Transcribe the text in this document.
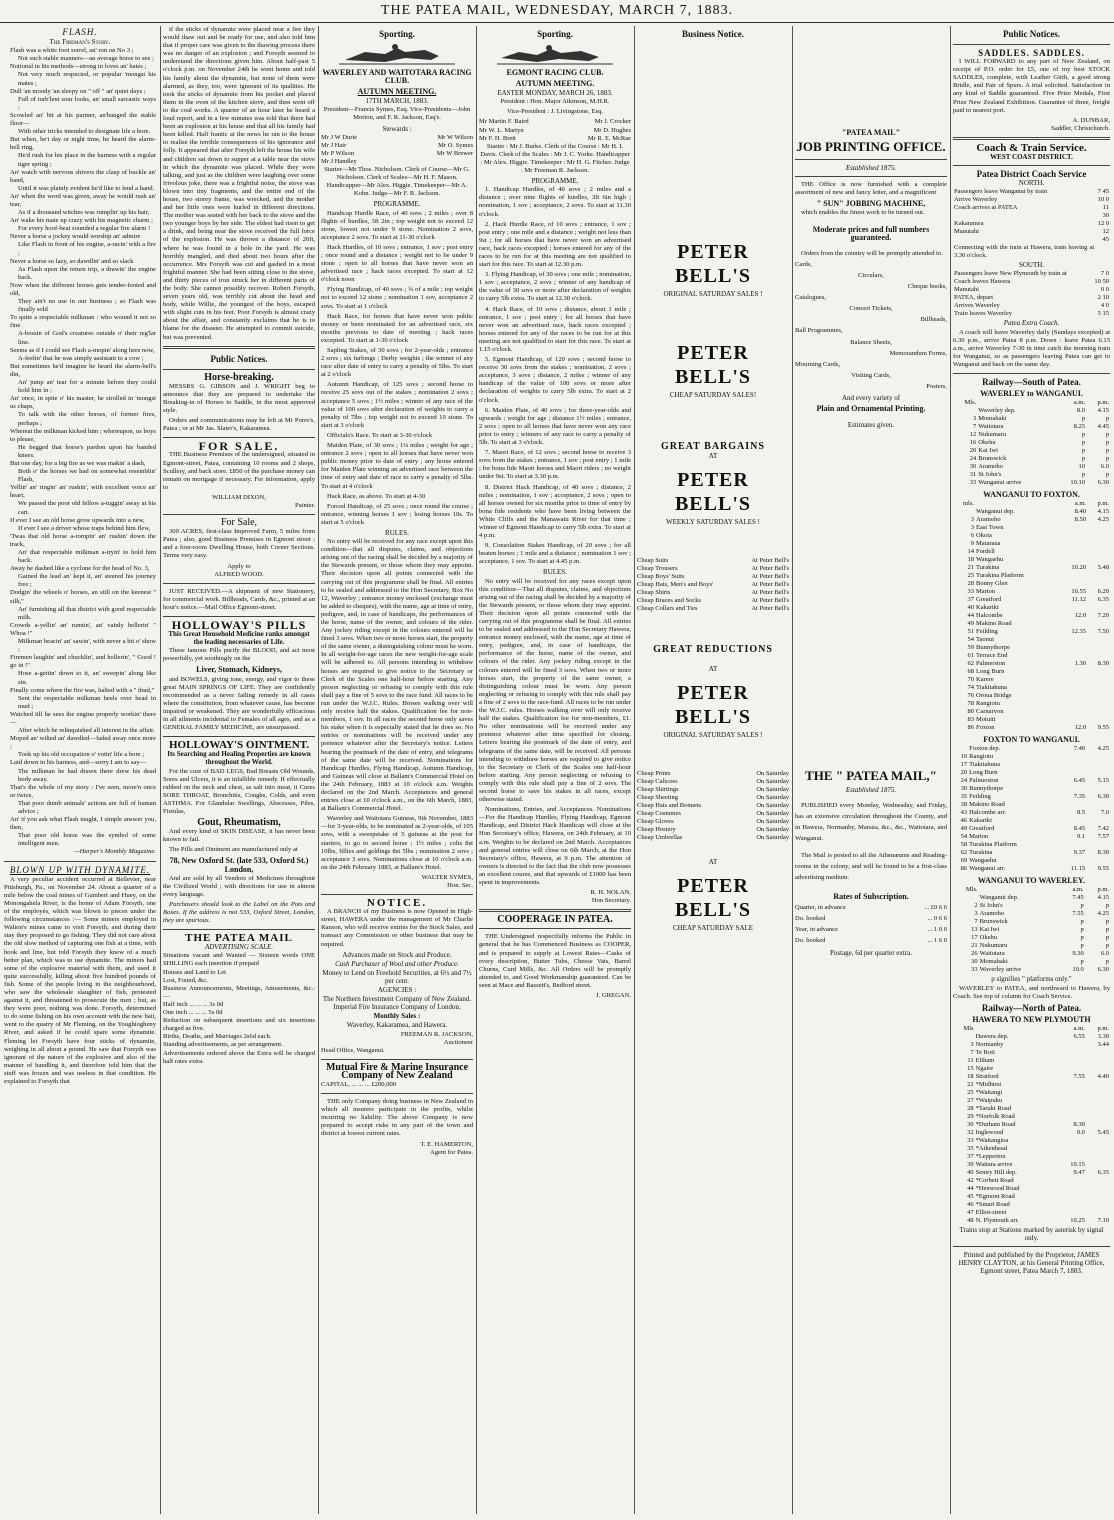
THE PATEA MAIL, WEDNESDAY, MARCH 7, 1883.
FLASH.
The Fireman's Story.

Flash was a white foot sorrel, an' ron on No 3 ;

Not such stable manners—an average horse to see ;

Notional in his methods—strong in loves an' hates ;

Not very much respected, or popular 'mongst his mates ;

Dull 'an moody 'an sleepy on " off " an' quiet days ;

Full of turb'lent sour looks, an' small sarcastic ways ;

Scowled an' bit at his partner, an'banged the stable floor—

With other tricks intended to designate life a bore.

But when, be't day or night time, he heard the alarm-bell ring,

He'd rush for his place in the harness with a regular tiger spring ;

An' watch with nervous shivers the clasp of buckle an' band,

Until it was plainly evident he'd like to lend a hand.

An' when the word was given, away he would rush an' tear,

As if a thousand witches was rumplin' up his hair,

An' wake his mate up crazy with his magnetic charm ;

For every hoof-beat sounded a regular fire alarm !

Never a horse a jockey would worship an' admire

Like Flash in front of his engine, a-racin' with a fire ;

Never a horse so lazy, so dawdlin' and so slack

As Flash upon the return trip, a drawin' the engine back.

Now when the different horses gets tender-footed and old,

They ain't no use in our business ; so Flash was finally sold

To quite a respectable milkman : who wound it not so fine

A-bossin of God's creatures outside o' their reg'lar line.

Seems as if I could see Flash a-mopin' along here now,

A-feelin' that he was simply assistant to a cow ;

But sometimes he'd imagine he heard the alarm-bell's din,

An' jump an' tear for a minute before they could hold him in ;

An' once, in spite o' his master, he strolled in 'mongst us chaps,

To talk with the other horses, of former fires, perhaps ;

Whereat the milkman kicked him ; whereupon, us boys to please,

He begged that horse's pardon upon his banded knees.

But one day, for a big fire as we was makin' a dash,

Both o' the horses we had on somewhat resemblin' Flash,

Yellin' an' ringin' an' rushin', with excellent voice an' heart,

We passed the poor old fellow a-tuggin' away at his cart.

If ever I see an old horse grow upwards into a new,

If ever I see a driver whose traps behind him flew,

'Twas that old horse a-rompin' an' rushin' down the track,

An' that respectable milkman a-tryin' to hold him back.

Away he dashed like a cyclone for the head of No. 3,

Gained the lead an' kept it, an' steered his journey free ;

Dodgin' the wheels o' horses, an still on the keenest " silk,"

An' furnishing all that district with good respectable milk.

Crowds a-yellin' an' runnin', an' vainly bellerin' " Whoa !"

Milkman beacin' an' sawin', with never a bit o' show ;

Firemen laughin' and chucklin', and hollerin', " Good ! go in !"

Hose a-gettin' down to it, an' sweepin' along like sin.

Finally come where the fire was, halted with a " thud,"

Sent the respectable milkman heels over head in mud ;

Watched till he sees the engine properly workin' there—

After which he relinquished all interest in the affair.

Moped an' wilted an' dawdled—faded away once more ;

Took up his old occupation o' votin' life a bore ;

Laid down in his harness, and—sorry I am to say—

The milkman he had drawn there drew his dead body away.

That's the whole of my story : I've seen, more'n once or twice,

That poor dumb animals' actions are full of human advice ;

An' if you ask what Flash taught, I simple answer you, then,

That poor old horse was the symbol of some intelligent men.

—Harper's Monthly Magazine.
BLOWN UP WITH DYNAMITE.

A very peculiar accident occurred at Bellevier, near Pittsburgh, Pa., on November 24. About a quarter of a mile below the coal mines of Gumbert and Huey, on the Monongahela River, is the home of Adam Forsyth, one of the employés, which was blown to pieces under the following circumstances :— Some miners employed in Walton's mines came to visit Forsyth, and during their stay they proposed to go fishing. They did not care about the old slow method of capturing one fish at a time, with hook and line, but told Forsyth they knew of a much better plan, which was to use dynamite. The miners had some of the explosive material with them, and used it quite successfully, killing about five hundred pounds of fish. Some of the people living in the neighbourhood, who saw the wholesale slaughter of fish, protested against it, and threatened to prosecute the men ; but, as they were poor, nothing was done. Forsyth, determined to do some fishing on his own account with the new bait, went to the quarry of Mr Fleming, on the Youghiogheny River, and asked if he could spare some dynamite. Fleming let Forsyth have four sticks of dynamite, weighing in all about a pound. He saw that Forsyth was ignorant of the nature of the explosive and also of the manner of handling it, and therefore told him that the stuff was frozen and was useless in that condition. He explained to Forsyth that

if the sticks of dynamite were placed near a fire they would thaw out and be ready for use, and also told him that if proper care was given to the thawing process there was no danger of an explosion ; and Forsyth seemed to understand the directions given him. About half-past 5 o'clock p.m. on November 24th he went home and told his family about the dynamite, but none of them were alarmed, as they, too, were ignorant of its qualities. He took the sticks of dynamite from his pocket and placed them in the oven of the kitchen stove, and then went off to the coal works. A quarter of an hour later he heard a loud report, and in a few minutes was told that there had been an explosion at his house and that all his family had been killed. Half frantic at the news he ran to the house to realise the terrible consequences of his ignorance and folly. It appeared that after Forsyth left the house his wife and children sat down to supper at a table near the stove in which the dynamite was placed. While they were talking, and just as the children were laughing over some frivolous joke, there was a frightful noise, the stove was blown into tiny fragments, and the entire end of the house, two storey frame, was wrecked, and the mother and her little ones were hurled in different directions. The mother was seated with her back to the stove and the two younger boys by her side. The eldest had risen to get a drink, and being near the stove received the full force of the explosion. He was thrown a distance of 20ft, where he was found in a hole in the yard. He was horribly mangled, and died about two hours after the occurrence. Mrs Forsyth was cut and gashed in a most frightful manner. She had been sitting close to the stove, and thirty pieces of iron struck her in different parts of the body. She cannot possibly recover. Robert Forsyth, seven years old, was terribly cut about the head and body, while Willie, the youngest of the boys, escaped with slight cuts in his feet. Poor Forsyth is almost crazy about the affair, and constantly exclaims that he is to blame for the disaster. He attempted to commit suicide, but was prevented.

Public Notices.
Horse-breaking.

MESSRS G. GIBSON and J. WRIGHT beg to announce that they are prepared to undertake the Breaking-in of Horses to Saddle, in the most approved style.

Orders and communications may be left at Mr Porro's, Patea ; or at Mr Jas. Slater's, Kakaramea.

FOR SALE.

THE Business Premises of the undersigned, situated in Egmont-street, Patea, containing 10 rooms and 2 shops, Scullery, and back store. £850 of the purchase money can remain on mortgage if necessary. For information, apply to

WILLIAM DIXON,
Painter.
For Sale,

300 ACRES, first-class Improved Farm, 5 miles from Patea ; also, good Business Premises in Egmont street ; and a four-room Dwelling House, both Corner Sections. Terms very easy.

Apply to
ALFRED WOOD.

JUST RECEIVED.—A shipment of new Stationery, for commercial work. Billheads, Cards, &c., printed at an hour's notice.—Mail Office Egmont-street.

HOLLOWAY'S PILLS
This Great Household Medicine ranks amongst the leading necessaries of Life.

These famous Pills purify the BLOOD, and act most powerfully, yet soothingly on the

Liver, Stomach, Kidneys,

and BOWELS, giving tone, energy, and vigor to these great MAIN SPRINGS OF LIFE. They are confidently recommended as a never failing remedy in all cases where the constitution, from whatever cause, has become impaired or weakened. They are wonderfully efficacious in all ailments incidental to Females of all ages, and as a GENERAL FAMILY MEDICINE, are unsurpassed.

HOLLOWAY'S OINTMENT.
Its Searching and Healing Properties are known throughout the World.

For the cure of BAD LEGS, Bad Breasts Old Wounds, Sores and Ulcers, it is an infallible remedy. If effectually rubbed on the neck and chest, as salt into meat, it Cures SORE THROAT, Bronchitis, Coughs, Colds, and even ASTHMA. For Glandular Swellings, Abscesses, Piles, Fistulas,

Gout, Rheumatism,

And every kind of SKIN DISEASE, it has never been known to fail.

The Pills and Ointment are manufactured only at

78, New Oxford St. (late 533, Oxford St.) London,

And are sold by all Vendors of Medicines throughout the Civilized World ; with directions for use in almost every language.

Purchasers should look to the Label on the Pots and Boxes. If the address is not 533, Oxford Street, London, they are spurious.

THE PATEA MAIL
ADVERTISING SCALE.
Situations vacant and Wanted — Sixteen words ONE SHILLING each insertion if prepaid
Houses and Land to Let
Lost, Found, &c.
Business Announcements, Meetings, Amusements, &c.:—
Half inch ... ... ... 3s 0d
One inch ... ... ... 5s 0d
Reduction on subsequent insertions and six insertions charged as five.
Births, Deaths, and Marriages 2s6d each.
Standing advertisements, as per arrangement.
Advertisements ordered above the Extra will be charged half rates extra.
Sporting.
WAVERLEY AND WAITOTARA RACING CLUB.
AUTUMN MEETING.
17TH MARCH, 1883.

President—Francis Symes, Esq. Vice-Presidents—John Morton, and F. R. Jackson, Esq's.

Stewards :
Mr J W Durie	Mr W Wilson
Mr J Hair	Mr O. Symes
Mr P Wilson	Mr W Brewer
Mr J Handley

Starter—Mr Thos. Nicholson. Clerk of Course—Mr G. Nicholson. Clerk of Scales—Mr H. F. Mason. Handicapper—Mr Alex. Higgie. Timekeeper—Mr A. Kohn. Judge—Mr F. R. Jackson.

PROGRAMME.

Handicap Hurdle Race, of 40 sovs ; 2 miles ; over 8 flights of hurdles, 3ft 2in ; top weight not to exceed 12 stone, lowest not under 9 stone. Nomination 2 sovs, acceptance 2 sovs. To start at 11-30 o'clock

Hack Hurdles, of 10 sovs ; entrance, 1 sov ; post entry ; once round and a distance ; weight not to be under 9 stone ; open to all horses that have never won an advertised race ; hack races excepted. To start at 12 o'clock noon

Flying Handicap, of 40 sovs ; ¾ of a mile ; top weight not to exceed 12 stone ; nomination 1 sov, acceptance 2 sovs. To start at 1 o'clock

Hack Race, for horses that have never won public money or been nominated for an advertised race, six months previous to date of meeting ; hack races excepted. To start at 1-30 o'clock

Sapling Stakes, of 30 sovs ; for 2-year-olds ; entrance 2 sovs ; six furlongs ; Derby weights ; the winner of any race after date of entry to carry a penalty of 5lbs. To start at 2 o'clock

Autumn Handicap, of 125 sovs ; second horse to receive 25 sovs out of the stakes ; nomination 2 sovs ; acceptance 5 sovs ; 1½ miles ; winner of any race of the value of 100 sovs after declaration of weights to carry a penalty of 7lbs ; top weight not to exceed 10 stone. To start at 3 o'clock

Officials's Race. To start at 3-30 o'clock

Maiden Plate, of 30 sovs ; 1¼ miles ; weight for age ; entrance 2 sovs ; open to all horses that have never won public money prior to date of entry ; any horse entered for Maiden Plate winning an advertised race between the time of entry and date of race to carry a penalty of 5lbs. To start at 4 o'clock

Hack Race, as above. To start at 4-30

Forced Handicap, of 25 sovs ; once round the course ; entrance, winning horses 1 sov ; losing horses 10s. To start at 5 o'clock

RULES.

No entry will be received for any race except upon this condition—that all disputes, claims, and objections arising out of the racing shall be decided by a majority of the Stewards present, or those whom they may appoint. Their decision upon all points connected with the carrying out of this programme shall be final. All entries to be sealed and addressed to the Hon Secretary, Box No 12, Waverley ; entrance money enclosed (exchange must be added to cheques), with the name, age at time of entry, pedigree, and, in case of handicaps, the performances of the horse, name of the owner, and colours of the rider. Any jockey riding except in the colours entered will be fined 3 sovs. When two or more horses start, the property of the same owner, a distinguishing colour must be worn. In all weight-for-age races the new weight-for-age scale will be adhered to. All persons intending to withdraw horses are required to give notice to the Secretary or Clerk of the Scales one half-hour before starting. Any person neglecting or refusing to comply with this rule shall pay a fine of 5 sovs to the race fund. All races to be run under the W.J.C. Rules. Horses walking over will only receive half the stakes. Qualification fee for non-members, 1 sov. In all races the second horse only saves his stake when it is especially stated that he does so. No entries or nominations will be received under any pretence whatever after the Secretary's notice. Letters bearing the postmark of the date of entry, and telegrams of the same date will be received. Nominations for Handicap Hurdles, Flying Handicap, Autumn Handicap, and Guineas will close at Ballam's Commercial Hotel on the 24th February, 1883 at 10 o'clock a.m. Weights declared on the 2nd March. Acceptances and general entries close at 10 o'clock a.m., on the 6th March, 1883, at Ballam's Commercial Hotel.

Waverley and Waitotara Guineas, 9th November, 1883—for 3-year-olds, to be nominated as 2-year-olds, of 105 sovs, with a sweepstake of 5 guineas at the post for starters, to go to second horse ; 1½ miles ; colts 8st 10lbs, fillies and geldings 8st 5lbs ; nomination 2 sovs ; acceptance 3 sovs. Nominations close at 10 o'clock a.m. on the 24th February 1883, at Ballam's Hotel.

WALTER SYMES,
Hon. Sec.
NOTICE.

A BRANCH of my Business is now Opened in High-street, HAWERA under the management of Mr Charlie Ranson, who will receive entries for the Stock Sales, and transact any Commission or other business that may be required.

Advances made on Stock and Produce.
Cash Purchaser of Wool and other Produce.
Money to Lend on Freehold Securities, at 6½ and 7½ per cent.
AGENCIES :
The Northern Investment Company of New Zealand. Imperial Fire Insurance Company of London.
Monthly Sales :
Waverley, Kakaramea, and Hawera.
FREEMAN R. JACKSON,
Auctioneer
Head Office, Wanganui.
Mutual Fire & Marine Insurance Company of New Zealand
CAPITAL, ... ... ... £200,000

THE only Company doing business in New Zealand in which all insurers participate in the profits, whilst incurring no liability. The above Company is now prepared to accept risks in any part of the town and district at lowest current rates.

T. E. HAMERTON,
Agent for Patea.
Sporting.
EGMONT RACING CLUB.
AUTUMN MEETING.
EASTER MONDAY, MARCH 26, 1883.

President : Hon. Major Atkinson, M.H.R.

Vice-President : J. Livingstone, Esq.

Mr Martin F. Baird	Mr J. Crocker
Mr W. L. Martyn	Mr D. Hughes
Mr F. H. Brett	Mr R. E. McRae

Starter : Mr J. Burke. Clerk of the Course : Mr H. I. Davis. Clerk of the Scales : Mr J. C. Yorke. Handicapper : Mr Alex. Higgie. Timekeeper : Mr H. G. Fitcher. Judge : Mr Freeman R. Jackson.

PROGRAMME.

1. Handicap Hurdles, of 40 sovs ; 2 miles and a distance ; over nine flights of hurdles, 3ft 6in high ; nomination, 1 sov ; acceptance, 2 sovs. To start at 11.30 o'clock.

2. Hack Hurdle Race, of 10 sovs ; entrance, 1 sov ; post entry ; one mile and a distance ; weight not less than 9st ; for all horses that have never won an advertised race, hack races excepted ; horses entered for any of the races to be run for at this meeting are not qualified to start for this race. To start at 12.30 p.m.

3. Flying Handicap, of 30 sovs ; one mile ; nomination, 1 sov ; acceptance, 2 sovs ; winner of any handicap of the value of 30 sovs or more after declaration of weights to carry 5lb extra. To start at 12.30 o'clock.

4. Hack Race, of 10 sovs ; distance, about 1 mile ; entrance, 1 sov ; post entry ; for all horses that have never won an advertised race, hack races excepted ; horses entered for any of the races to be run for at this meeting are not qualified to start for this race. To start at 1.15 o'clock.

5. Egmont Handicap, of 120 sovs ; second horse to receive 30 sovs from the stakes ; nomination, 2 sovs ; acceptance, 3 sovs ; distance, 2 miles ; winner of any handicap of the value of 100 sovs or more after declaration of weights to carry 5lb extra. To start at 2 o'clock.

6. Maiden Plate, of 40 sovs ; for three-year-olds and upwards ; weight for age ; distance 1½ miles ; entrance, 2 sovs ; open to all horses that have never won any race prior to entry ; winners of any race to carry a penalty of 5lb. To start at 3 o'clock.

7. Maori Race, of 12 sovs ; second horse to receive 3 sovs from the stakes ; entrance, 1 sov ; post entry ; 1 mile ; for bona fide Maori horses and Maori riders ; no weight under 9st. To start at 3.30 p.m.

8. District Hack Handicap, of 40 sovs ; distance, 2 miles ; nomination, 1 sov ; acceptance, 2 sovs ; open to all horses owned for six months prior to time of entry by bona fide residents who have been living between the White Cliffs and the Manawatu River for that time ; winner of Egmont Handicap to carry 5lb extra. To start at 4 p.m.

9. Consolation Stakes Handicap, of 20 sovs ; for all beaten horses ; 1 mile and a distance ; nomination 1 sov ; acceptance, 1 sov. To start at 4.45 p.m.

RULES.

No entry will be received for any races except upon this condition—That all disputes, claims, and objections arising out of the racing shall be decided by a majority of the Stewards present, or those whom they may appoint. Their decision upon all points connected with the carrying out of this programme shall be final. All entries to be sealed and addressed to the Hon Secretary Hawera, entrance money enclosed, with the name, age at time of entry, pedigree, and, in case of handicaps, the performance of the horse, name of the owner, and colours of the rider. Any jockey riding except in the colours entered will be fined 3 sovs. When two or more horses start, the property of the same owner, a distinguishing colour must be worn. Any person neglecting or refusing to comply with this rule shall pay a fine of 2 sovs to the race-fund. All races to be run under the W.J.C. rules. Horses walking over will only receive half the stakes. Qualification fee for non-members, £1. No other nominations will be received under any pretence whatever after time specified for closing. Letters bearing the postmark of the date of entry, and telegrams of the same date, will be received. All persons intending to withdraw horses are required to give notice to the Secretary or Clerk of the Scales one half-hour before starting. Any person neglecting or refusing to comply with this rule shall pay a fine of 2 sovs. The second horse to save his stakes in all races, except otherwise stated.

Nominations, Entries, and Acceptances. Nominations—For the Handicap Hurdles, Flying Handicap, Egmont Handicap, and District Hack Handicap will close at the Hon Secretary's office, Hawera, on 24th February, at 10 a.m. Weights to be declared on 2nd March. Acceptances and general entries will close on 6th March, at the Hon Secretary's office, Hawera, at 9 p.m. The attention of owners is directed to the fact that the club now possesses an excellent course, and that upwards of £1000 has been spent in improvements.

R. H. NOLAN,
Hon Secretary.
COOPERAGE IN PATEA.

THE Undersigned respectfully informs the Public in general that he has Commenced Business as COOPER, and is prepared to supply at Lowest Rates—Casks of every description, Butter Tubs, Cheese Vats, Barrel Churns, Curd Mills, &c. All Orders will be promptly attended to, and Good Workmanship guaranteed. Can be seen at Mace and Bassett's, Bedford street.

J. GREGAN.
Business Notice.
PETER BELL'S
ORIGINAL SATURDAY SALES !
PETER BELL'S
CHEAP SATURDAY SALES!
GREAT BARGAINS
AT
PETER BELL'S
WEEKLY SATURDAY SALES !
Cheap Suits	At Peter Bell's
Cheap Trousers	At Peter Bell's
Cheap Boys' Suits	At Peter Bell's
Cheap Hats, Men's and Boys'	At Peter Bell's
Cheap Shirts	At Peter Bell's
Cheap Braces and Socks	At Peter Bell's
Cheap Collars and Ties	At Peter Bell's
GREAT REDUCTIONS
AT
PETER BELL'S
ORIGINAL SATURDAY SALES !
Cheap Prints	On Saturday
Cheap Calicoes	On Saturday
Cheap Shirtings	On Saturday
Cheap Sheeting	On Saturday
Cheap Hats and Bonnets	On Saturday
Cheap Costumes	On Saturday
Cheap Gloves	On Saturday
Cheap Hosiery	On Saturday
Cheap Umbrellas	On Saturday
AT
PETER BELL'S
CHEAP SATURDAY SALE
"PATEA MAIL"
JOB PRINTING OFFICE.
Established 1875.

THE Office is now furnished with a complete assortment of new and fancy letter, and a magnificent

" SUN" JOBBING MACHINE,

which enables the finest work to be turned out.

Moderate prices and full numbers guaranteed.

Orders from the country will be promptly attended to.

Cards,
Circulars,
Cheque books,
Catalogues,
Concert Tickets,
Billheads,
Ball Programmes,
Balance Sheets,
Memorandum Forms,
Mourning Cards,
Visiting Cards,
Posters,
And every variety of
Plain and Ornamental Printing.
Estimates given.
THE " PATEA MAIL,"
Established 1875.

PUBLISHED every Monday, Wednesday, and Friday, has an extensive circulation throughout the County, and in Hawera, Normanby, Manaia, &c., &c., Waitotara, and Wanganui.

The Mail is posted to all the Athenæums and Reading-rooms in the colony, and will be found to be a first-class advertising medium.

Rates of Subscription.
Quarter, in advance	... £0 6 6
Do. booked	... 0 6 6
Year, in advance	... 1 0 0
Do. booked	... 1 6 0
Postage, 6d per quarter extra.
Public Notices.
SADDLES. SADDLES.

I WILL FORWARD to any part of New Zealand, on receipt of P.O. order for £5, one of my best STOCK SADDLES, complete, with Leather Girth, a good strong Bridle, and Pair of Spurs. A trial solicited. Satisfaction in any kind of Saddle guaranteed. Five Prize Medals, First Prize New Zealand Exhibition. Guarantee of three, freight paid to nearest port.

A. DUNBAR,
Saddler, Christchurch.
Coach & Train Service.
WEST COAST DISTRICT.
Patea District Coach Service
NORTH.
Passengers leave Wanganui by train	7 45
Arrive Waverley	10 0
Coach arrives at PATEA	11 30
Kakaramea	12 0
Manutahi	12 45
Connecting with the train at Hawera, train leaving at 3.30 o'clock.	
SOUTH.
Passengers leave New Plymouth by train at	7 0
Coach leaves Hawera	10 50
Manutahi	0 0
PATEA, depart	2 10
Arrives Waverley	4 0
Train leaves Waverley	5 15
Patea Extra Coach.

A coach will leave Waverley daily (Sundays excepted) at 6.30 p.m., arrive Patea 8 p.m. Down : leave Patea 6.15 a.m., arrive Waverley 7-30 in time catch the morning train for Wanganui, so as passengers leaving Patea can get to Wanganui and back on the same day.

Railway—South of Patea.
WAVERLEY to WANGANUI.
Mls.		a.m.	p.m.
	Waverley dep.	8.0	4.15
3	Momahaki	p	p
7	Waitotara	8.25	4.45
12	Nukumaru	p	p
16	Okehu	p	p
20	Kai Iwi	p	p
24	Brunswick	p	p
30	Aramoho	10	6.0
31	St John's	p	p
33	Wanganui arrive	10.10	6.30
WANGANUI TO FOXTON.
mls.		a.m.	p.m.
	Wanganui dep.	8.40	4.15
3	Aramoho	8.50	4.25
3	East Town		
6	Okoia		
9	Mataraua		
14	Fordell		
18	Wangaehu		
21	Turakina	10.20	5.48
25	Turakina Platform		
28	Bonny Glen		
33	Marton	10.55	6.20
37	Greatford	11.12	6.35
40	Kakariki		
44	Halcombe	12.0	7.20
49	Makino Road		
51	Feilding	12.35	7.50
54	Taonui		
59	Bunnythorpe		
61	Terrace End		
62	Palmerston	1.30	8.30
68	Long Burn		
70	Karere		
74	Tiakitahuna		
76	Oroua Bridge		
78	Rangiotu		
80	Carnarvon		
83	Motuiti		
86	Foxton	12.0	9.55
FOXTON TO WANGANUI.
	Foxton dep.	7.40	4.25
10	Rangiotu		
17	Tiakitahuna		
20	Long Burn		
24	Palmerston	6.45	5.15
30	Bunnythorpe		
35	Feilding	7.35	6.30
38	Makino Road		
43	Halcombe arr.	8.5	7.0
46	Kakariki		
49	Greatford	8.45	7.42
54	Marton	9.1	7.57
58	Turakina Platform		
62	Turakina	9.37	8.30
69	Wangaehu		
86	Wanganui arr.	11.15	9.55
WANGANUI TO WAVERLEY.
Mls.		a.m.	p.m.
	Wanganui dep.	7.45	4.15
2	St John's	p	p
3	Aramoho	7.55	4.25
7	Brunswick	p	p
13	Kai Iwi	p	p
17	Okehu	p	p
21	Nukumaru	p	p
26	Waitotara	9.30	6.0
30	Momahaki	p	p
33	Waverley arrive	10.0	6.30
p signifies " platforms only."

WAVERLEY to PATEA, and northward to Hawera, by Coach. See top of column for Coach Service.

Railway—North of Patea.
HAWERA TO NEW PLYMOUTH
Mls		a.m.	p.m.
	Hawera dep.	6.55	3.30
3	Normanby		3.44
7	Te Roti		
11	Eltham		
15	Ngaire		
18	Stratford	7.55	4.40
22	*Midhirst		
25	*Waitangi		
27	*Waipuku		
28	*Taruki Road		
29	*Norfolk Road		
30	*Durham Road	8.30	
32	Inglewood	9.0	5.45
33	*Waitangioa		
35	*Aikenhead		
37	*Lepperton		
39	Waitara arrive	10.15	
40	Sentry Hill dep.	9.47	6.35
42	*Corbett Road		
44	*Henwood Road		
45	*Egmont Road		
46	*Smart Road		
47	Elliot-street		
48	N. Plymouth arr.	10.25	7.10
Trains stop at Stations marked by asterisk by signal only.
Printed and published by the Proprietor, JAMES HENRY CLAYTON, at his General Printing Office, Egmont street, Patea March 7, 1883.
